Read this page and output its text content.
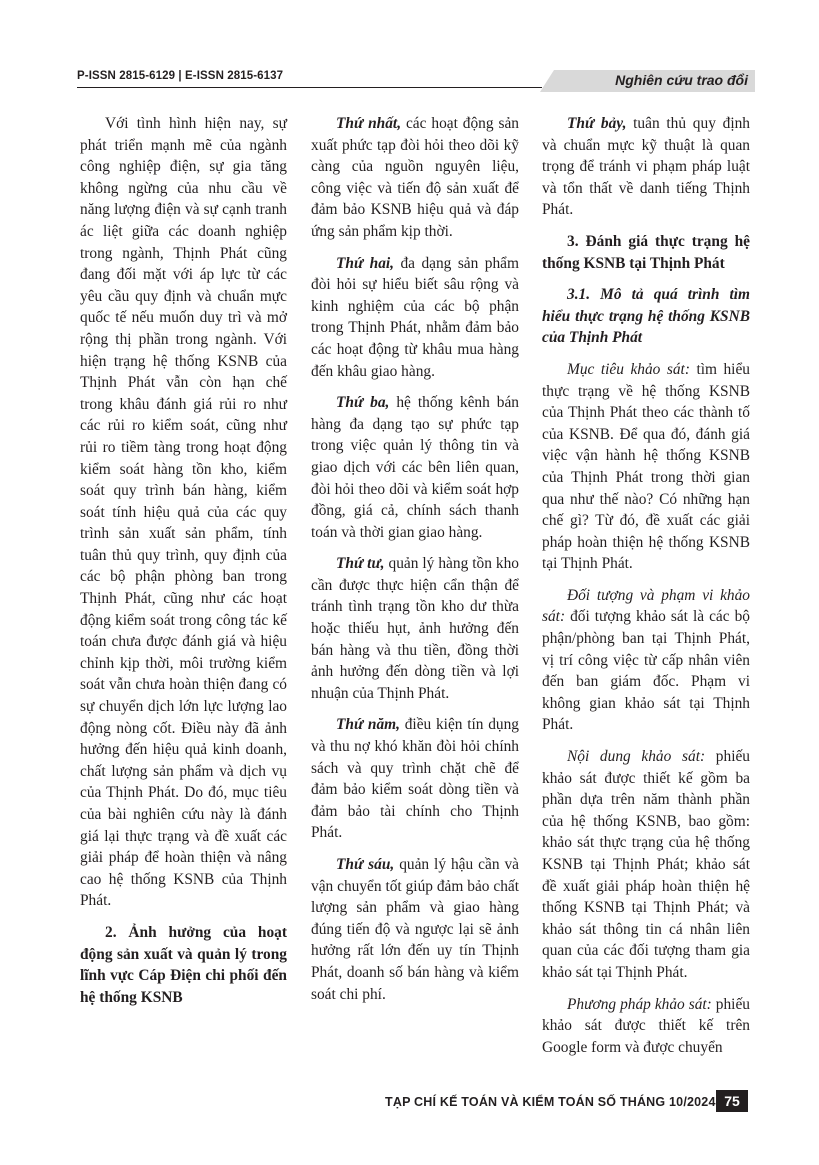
P-ISSN 2815-6129 | E-ISSN 2815-6137	Nghiên cứu trao đổi

Với tình hình hiện nay, sự phát triển mạnh mẽ của ngành công nghiệp điện, sự gia tăng không ngừng của nhu cầu về năng lượng điện và sự cạnh tranh ác liệt giữa các doanh nghiệp trong ngành, Thịnh Phát cũng đang đối mặt với áp lực từ các yêu cầu quy định và chuẩn mực quốc tế nếu muốn duy trì và mở rộng thị phần trong ngành. Với hiện trạng hệ thống KSNB của Thịnh Phát vẫn còn hạn chế trong khâu đánh giá rủi ro như các rủi ro kiểm soát, cũng như rủi ro tiềm tàng trong hoạt động kiểm soát hàng tồn kho, kiểm soát quy trình bán hàng, kiểm soát tính hiệu quả của các quy trình sản xuất sản phẩm, tính tuân thủ quy trình, quy định của các bộ phận phòng ban trong Thịnh Phát, cũng như các hoạt động kiểm soát trong công tác kế toán chưa được đánh giá và hiệu chỉnh kịp thời, môi trường kiểm soát vẫn chưa hoàn thiện đang có sự chuyển dịch lớn lực lượng lao động nòng cốt. Điều này đã ảnh hưởng đến hiệu quả kinh doanh, chất lượng sản phẩm và dịch vụ của Thịnh Phát. Do đó, mục tiêu của bài nghiên cứu này là đánh giá lại thực trạng và đề xuất các giải pháp để hoàn thiện và nâng cao hệ thống KSNB của Thịnh Phát.

2. Ảnh hưởng của hoạt động sản xuất và quản lý trong lĩnh vực Cáp Điện chi phối đến hệ thống KSNB

Thứ nhất, các hoạt động sản xuất phức tạp đòi hỏi theo dõi kỹ càng của nguồn nguyên liệu, công việc và tiến độ sản xuất để đảm bảo KSNB hiệu quả và đáp ứng sản phẩm kịp thời.

Thứ hai, đa dạng sản phẩm đòi hỏi sự hiểu biết sâu rộng và kinh nghiệm của các bộ phận trong Thịnh Phát, nhằm đảm bảo các hoạt động từ khâu mua hàng đến khâu giao hàng.

Thứ ba, hệ thống kênh bán hàng đa dạng tạo sự phức tạp trong việc quản lý thông tin và giao dịch với các bên liên quan, đòi hỏi theo dõi và kiểm soát hợp đồng, giá cả, chính sách thanh toán và thời gian giao hàng.

Thứ tư, quản lý hàng tồn kho cần được thực hiện cẩn thận để tránh tình trạng tồn kho dư thừa hoặc thiếu hụt, ảnh hưởng đến bán hàng và thu tiền, đồng thời ảnh hưởng đến dòng tiền và lợi nhuận của Thịnh Phát.

Thứ năm, điều kiện tín dụng và thu nợ khó khăn đòi hỏi chính sách và quy trình chặt chẽ để đảm bảo kiểm soát dòng tiền và đảm bảo tài chính cho Thịnh Phát.

Thứ sáu, quản lý hậu cần và vận chuyển tốt giúp đảm bảo chất lượng sản phẩm và giao hàng đúng tiến độ và ngược lại sẽ ảnh hưởng rất lớn đến uy tín Thịnh Phát, doanh số bán hàng và kiểm soát chi phí.

Thứ bảy, tuân thủ quy định và chuẩn mực kỹ thuật là quan trọng để tránh vi phạm pháp luật và tổn thất về danh tiếng Thịnh Phát.

3. Đánh giá thực trạng hệ thống KSNB tại Thịnh Phát

3.1. Mô tả quá trình tìm hiểu thực trạng hệ thống KSNB của Thịnh Phát

Mục tiêu khảo sát: tìm hiểu thực trạng về hệ thống KSNB của Thịnh Phát theo các thành tố của KSNB. Để qua đó, đánh giá việc vận hành hệ thống KSNB của Thịnh Phát trong thời gian qua như thế nào? Có những hạn chế gì? Từ đó, đề xuất các giải pháp hoàn thiện hệ thống KSNB tại Thịnh Phát.

Đối tượng và phạm vi khảo sát: đối tượng khảo sát là các bộ phận/phòng ban tại Thịnh Phát, vị trí công việc từ cấp nhân viên đến ban giám đốc. Phạm vi không gian khảo sát tại Thịnh Phát.

Nội dung khảo sát: phiếu khảo sát được thiết kế gồm ba phần dựa trên năm thành phần của hệ thống KSNB, bao gồm: khảo sát thực trạng của hệ thống KSNB tại Thịnh Phát; khảo sát đề xuất giải pháp hoàn thiện hệ thống KSNB tại Thịnh Phát; và khảo sát thông tin cá nhân liên quan của các đối tượng tham gia khảo sát tại Thịnh Phát.

Phương pháp khảo sát: phiếu khảo sát được thiết kế trên Google form và được chuyển

TẠP CHÍ KẾ TOÁN VÀ KIỂM TOÁN SỐ THÁNG 10/2024 75
